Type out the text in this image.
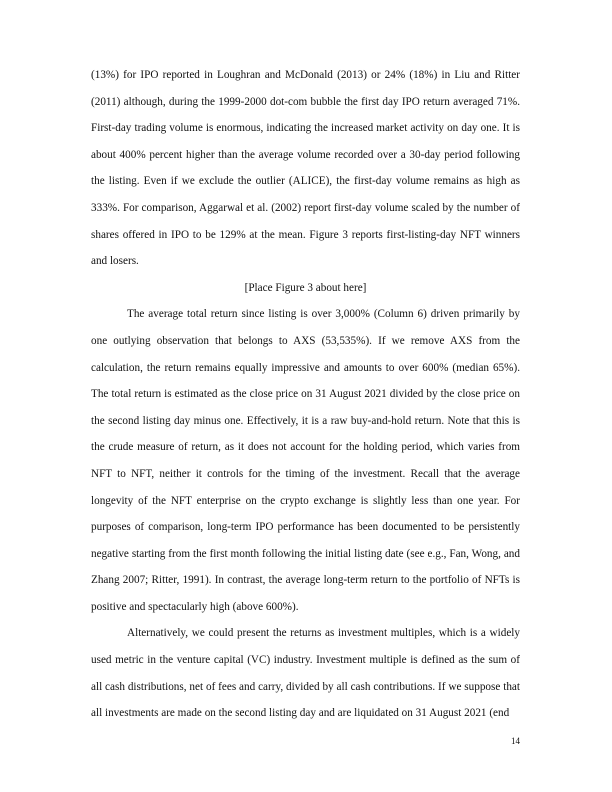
(13%) for IPO reported in Loughran and McDonald (2013) or 24% (18%) in Liu and Ritter (2011) although, during the 1999-2000 dot-com bubble the first day IPO return averaged 71%. First-day trading volume is enormous, indicating the increased market activity on day one. It is about 400% percent higher than the average volume recorded over a 30-day period following the listing. Even if we exclude the outlier (ALICE), the first-day volume remains as high as 333%. For comparison, Aggarwal et al. (2002) report first-day volume scaled by the number of shares offered in IPO to be 129% at the mean. Figure 3 reports first-listing-day NFT winners and losers.

[Place Figure 3 about here]

The average total return since listing is over 3,000% (Column 6) driven primarily by one outlying observation that belongs to AXS (53,535%). If we remove AXS from the calculation, the return remains equally impressive and amounts to over 600% (median 65%). The total return is estimated as the close price on 31 August 2021 divided by the close price on the second listing day minus one. Effectively, it is a raw buy-and-hold return. Note that this is the crude measure of return, as it does not account for the holding period, which varies from NFT to NFT, neither it controls for the timing of the investment. Recall that the average longevity of the NFT enterprise on the crypto exchange is slightly less than one year. For purposes of comparison, long-term IPO performance has been documented to be persistently negative starting from the first month following the initial listing date (see e.g., Fan, Wong, and Zhang 2007; Ritter, 1991). In contrast, the average long-term return to the portfolio of NFTs is positive and spectacularly high (above 600%).

Alternatively, we could present the returns as investment multiples, which is a widely used metric in the venture capital (VC) industry. Investment multiple is defined as the sum of all cash distributions, net of fees and carry, divided by all cash contributions. If we suppose that all investments are made on the second listing day and are liquidated on 31 August 2021 (end

14
